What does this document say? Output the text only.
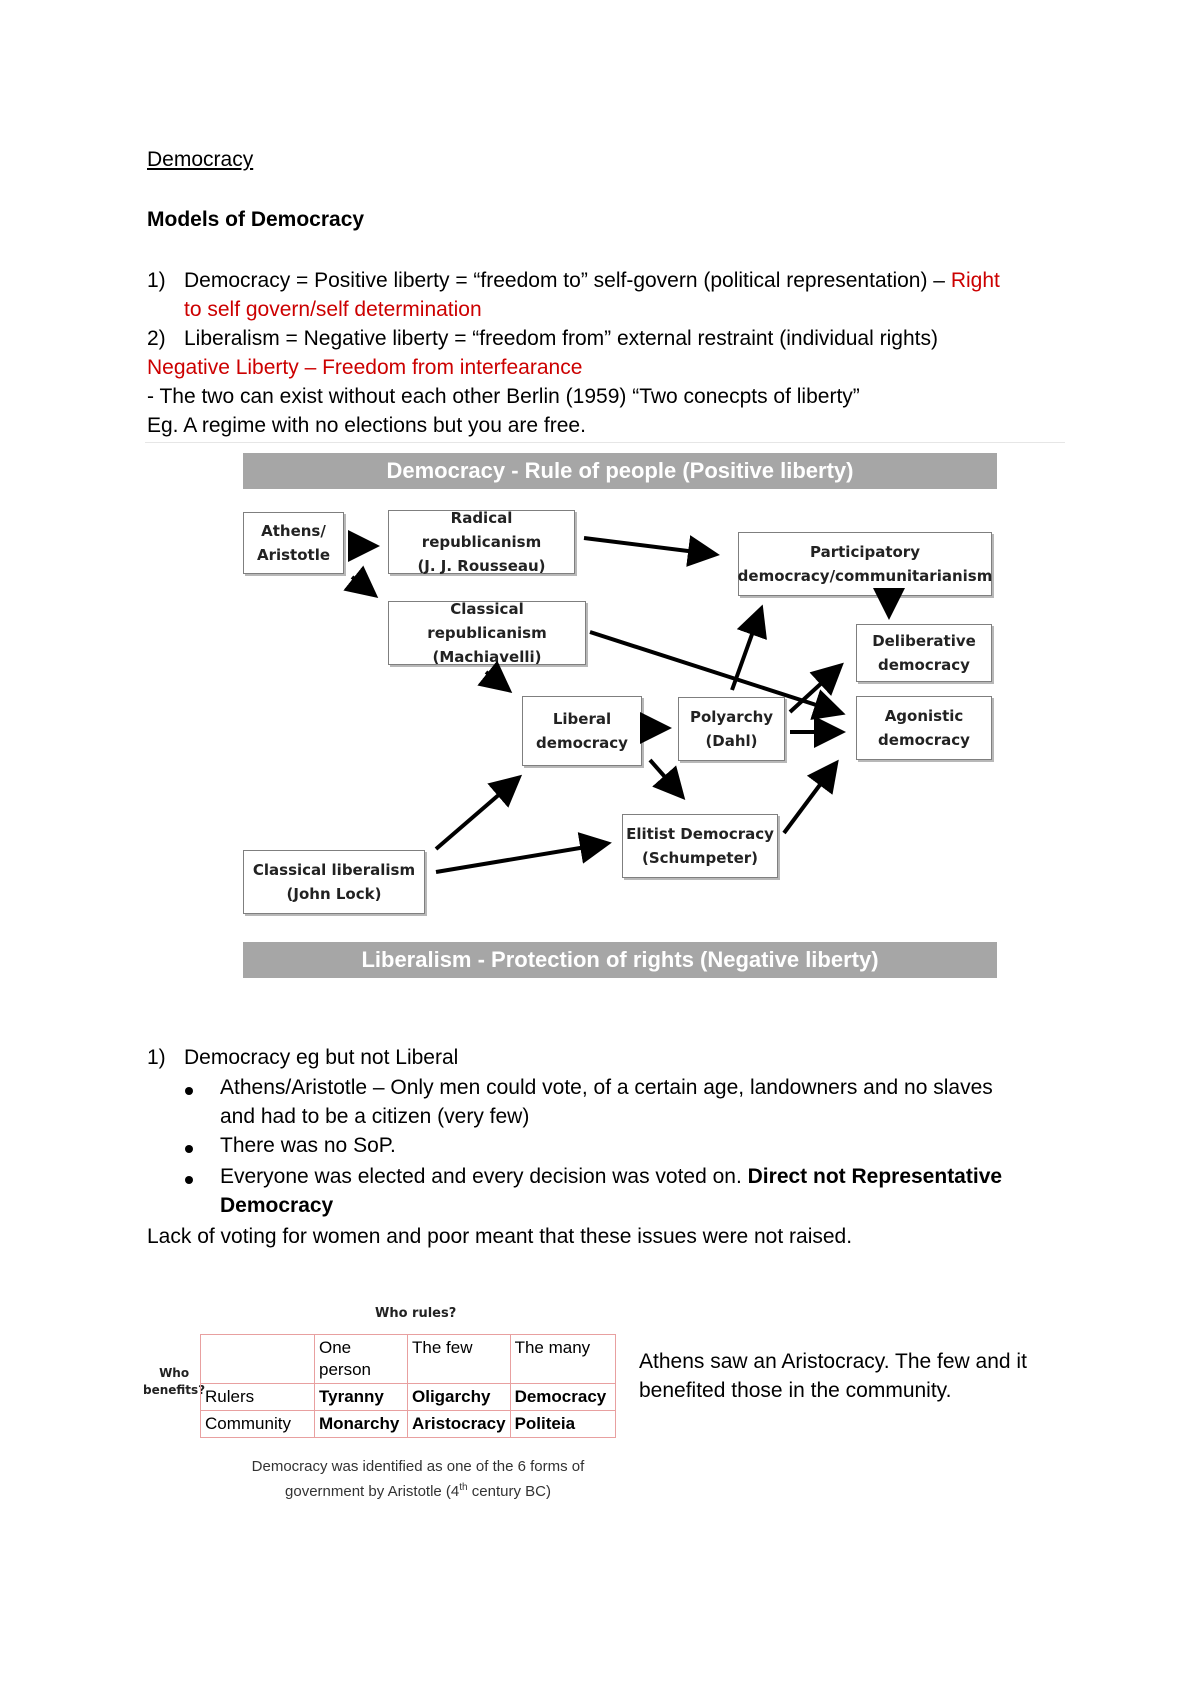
Democracy
Models of Democracy
1) Democracy = Positive liberty = “freedom to” self-govern (political representation) – Right
to self govern/self determination
2) Liberalism = Negative liberty = “freedom from” external restraint (individual rights)
Negative Liberty – Freedom from interfearance
- The two can exist without each other Berlin (1959) “Two conecpts of liberty”
Eg. A regime with no elections but you are free.
Democracy - Rule of people (Positive liberty)
Liberalism - Protection of rights (Negative liberty)
Athens/
Aristotle
Radical republicanism
(J. J. Rousseau)
Participatory
democracy/communitarianism
Classical republicanism
(Machiavelli)
Deliberative
democracy
Liberal
democracy
Polyarchy
(Dahl)
Agonistic
democracy
Elitist Democracy
(Schumpeter)
Classical liberalism
(John Lock)
1) Democracy eg but not Liberal
Athens/Aristotle – Only men could vote, of a certain age, landowners and no slaves
and had to be a citizen (very few)
There was no SoP.
Everyone was elected and every decision was voted on. Direct not Representative
Democracy
Lack of voting for women and poor meant that these issues were not raised.
Who rules?
Who
benefits?
	One person	The few	The many
Rulers	Tyranny	Oligarchy	Democracy
Community	Monarchy	Aristocracy	Politeia
Democracy was identified as one of the 6 forms of
government by Aristotle (4th century BC)
Athens saw an Aristocracy. The few and it benefited those in the community.
